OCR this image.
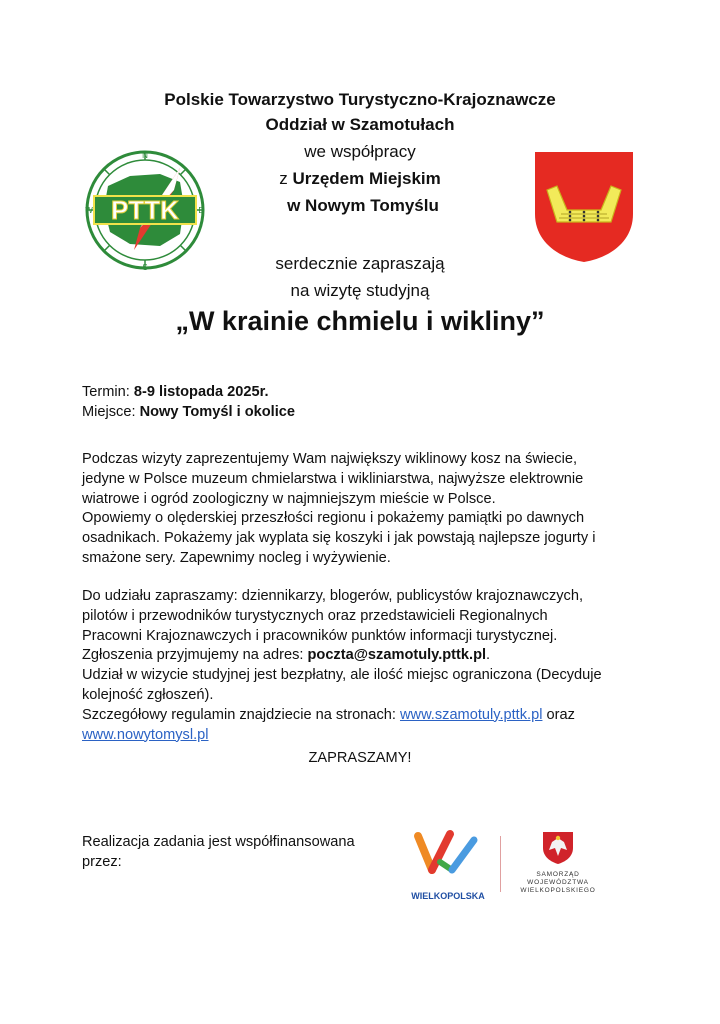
Polskie Towarzystwo Turystyczno-Krajoznawcze
Oddział w Szamotułach
we współpracy
z Urzędem Miejskim
w Nowym Tomyślu
serdecznie zapraszają
na wizytę studyjną
„W krainie chmielu i wikliny”
PTTK
N
E
S
W
Termin: 8-9 listopada 2025r.
Miejsce: Nowy Tomyśl i okolice
Podczas wizyty zaprezentujemy Wam największy wiklinowy kosz na świecie,
jedyne w Polsce muzeum chmielarstwa i wikliniarstwa, najwyższe elektrownie
wiatrowe i ogród zoologiczny w najmniejszym mieście w Polsce.
Opowiemy o olęderskiej przeszłości regionu i pokażemy pamiątki po dawnych
osadnikach. Pokażemy jak wyplata się koszyki i jak powstają najlepsze jogurty i
smażone sery. Zapewnimy nocleg i wyżywienie.
Do udziału zapraszamy: dziennikarzy, blogerów, publicystów krajoznawczych,
pilotów i przewodników turystycznych oraz przedstawicieli Regionalnych
Pracowni Krajoznawczych i pracowników punktów informacji turystycznej.
Zgłoszenia przyjmujemy na adres: poczta@szamotuly.pttk.pl.
Udział w wizycie studyjnej jest bezpłatny, ale ilość miejsc ograniczona (Decyduje
kolejność zgłoszeń).
Szczegółowy regulamin znajdziecie na stronach: www.szamotuly.pttk.pl oraz
www.nowytomysl.pl
ZAPRASZAMY!
Realizacja zadania jest współfinansowana
przez:
WIELKOPOLSKA
SAMORZĄD
WOJEWÓDZTWA
WIELKOPOLSKIEGO
